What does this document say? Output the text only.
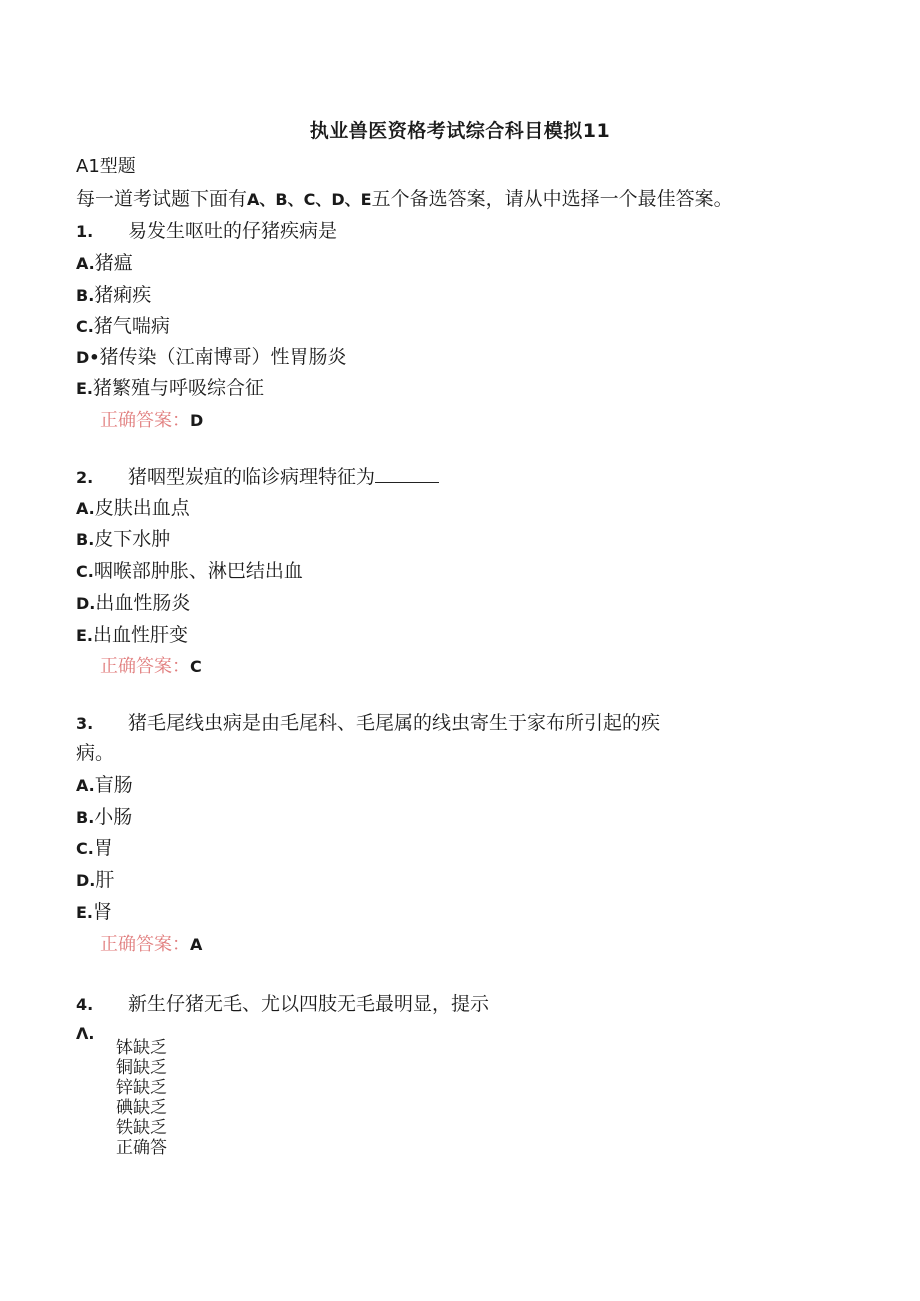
执业兽医资格考试综合科目模拟11
A1型题
每一道考试题下面有A、B、C、D、E五个备选答案，请从中选择一个最佳答案。
1. 易发生呕吐的仔猪疾病是
A.猪瘟
B.猪痢疾
C.猪气喘病
D•猪传染（江南博哥）性胃肠炎
E.猪繁殖与呼吸综合征
正确答案：D
2. 猪咽型炭疽的临诊病理特征为
A.皮肤出血点
B.皮下水肿
C.咽喉部肿胀、淋巴结出血
D.出血性肠炎
E.出血性肝变
正确答案：C
3. 猪毛尾线虫病是由毛尾科、毛尾属的线虫寄生于家布所引起的疾
病。
A.盲肠
B.小肠
C.胃
D.肝
E.肾
正确答案：A
4. 新生仔猪无毛、尤以四肢无毛最明显，提示
Λ.
钵缺乏
铜缺乏
锌缺乏
碘缺乏
铁缺乏
正确答
